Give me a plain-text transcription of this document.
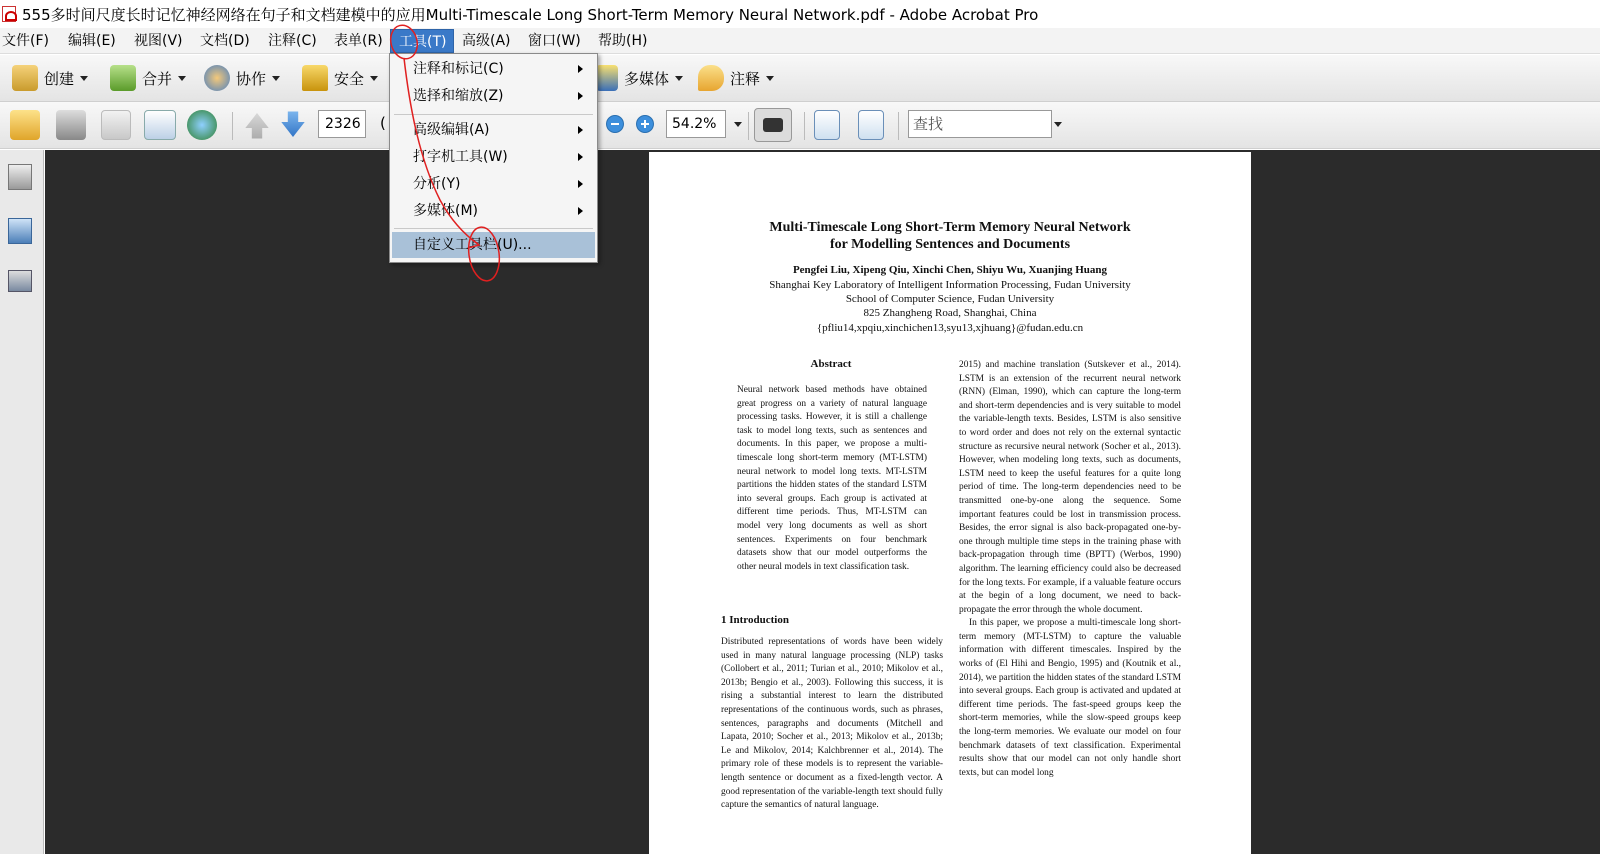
555多时间尺度长时记忆神经网络在句子和文档建模中的应用Multi-Timescale Long Short-Term Memory Neural Network.pdf - Adobe Acrobat Pro
文件(F)	编辑(E)	视图(V)	文档(D)	注释(C)	表单(R)	工具(T)	高级(A)	窗口(W)	帮助(H)
创建	合并	协作	安全	多媒体	注释
2326	(	54.2%	查找
Multi-Timescale Long Short-Term Memory Neural Network
for Modelling Sentences and Documents
Pengfei Liu, Xipeng Qiu, Xinchi Chen, Shiyu Wu, Xuanjing Huang
Shanghai Key Laboratory of Intelligent Information Processing, Fudan University
School of Computer Science, Fudan University
825 Zhangheng Road, Shanghai, China
{pfliu14,xpqiu,xinchichen13,syu13,xjhuang}@fudan.edu.cn
Abstract

Neural network based methods have obtained great progress on a variety of natural language processing tasks. However, it is still a challenge task to model long texts, such as sentences and documents. In this paper, we propose a multi-timescale long short-term memory (MT-LSTM) neural network to model long texts. MT-LSTM partitions the hidden states of the standard LSTM into several groups. Each group is activated at different time periods. Thus, MT-LSTM can model very long documents as well as short sentences. Experiments on four benchmark datasets show that our model outperforms the other neural models in text classification task.

1 Introduction

Distributed representations of words have been widely used in many natural language processing (NLP) tasks (Collobert et al., 2011; Turian et al., 2010; Mikolov et al., 2013b; Bengio et al., 2003). Following this success, it is rising a substantial interest to learn the distributed representations of the continuous words, such as phrases, sentences, paragraphs and documents (Mitchell and Lapata, 2010; Socher et al., 2013; Mikolov et al., 2013b; Le and Mikolov, 2014; Kalchbrenner et al., 2014). The primary role of these models is to represent the variable-length sentence or document as a fixed-length vector. A good representation of the variable-length text should fully capture the semantics of natural language.

2015) and machine translation (Sutskever et al., 2014). LSTM is an extension of the recurrent neural network (RNN) (Elman, 1990), which can capture the long-term and short-term dependencies and is very suitable to model the variable-length texts. Besides, LSTM is also sensitive to word order and does not rely on the external syntactic structure as recursive neural network (Socher et al., 2013). However, when modeling long texts, such as documents, LSTM need to keep the useful features for a quite long period of time. The long-term dependencies need to be transmitted one-by-one along the sequence. Some important features could be lost in transmission process. Besides, the error signal is also back-propagated one-by-one through multiple time steps in the training phase with back-propagation through time (BPTT) (Werbos, 1990) algorithm. The learning efficiency could also be decreased for the long texts. For example, if a valuable feature occurs at the begin of a long document, we need to back-propagate the error through the whole document.

In this paper, we propose a multi-timescale long short-term memory (MT-LSTM) to capture the valuable information with different timescales. Inspired by the works of (El Hihi and Bengio, 1995) and (Koutnik et al., 2014), we partition the hidden states of the standard LSTM into several groups. Each group is activated and updated at different time periods. The fast-speed groups keep the short-term memories, while the slow-speed groups keep the long-term memories. We evaluate our model on four benchmark datasets of text classification. Experimental results show that our model can not only handle short texts, but can model long

注释和标记(C)
选择和缩放(Z)
高级编辑(A)
打字机工具(W)
分析(Y)
多媒体(M)
自定义工具栏(U)...
